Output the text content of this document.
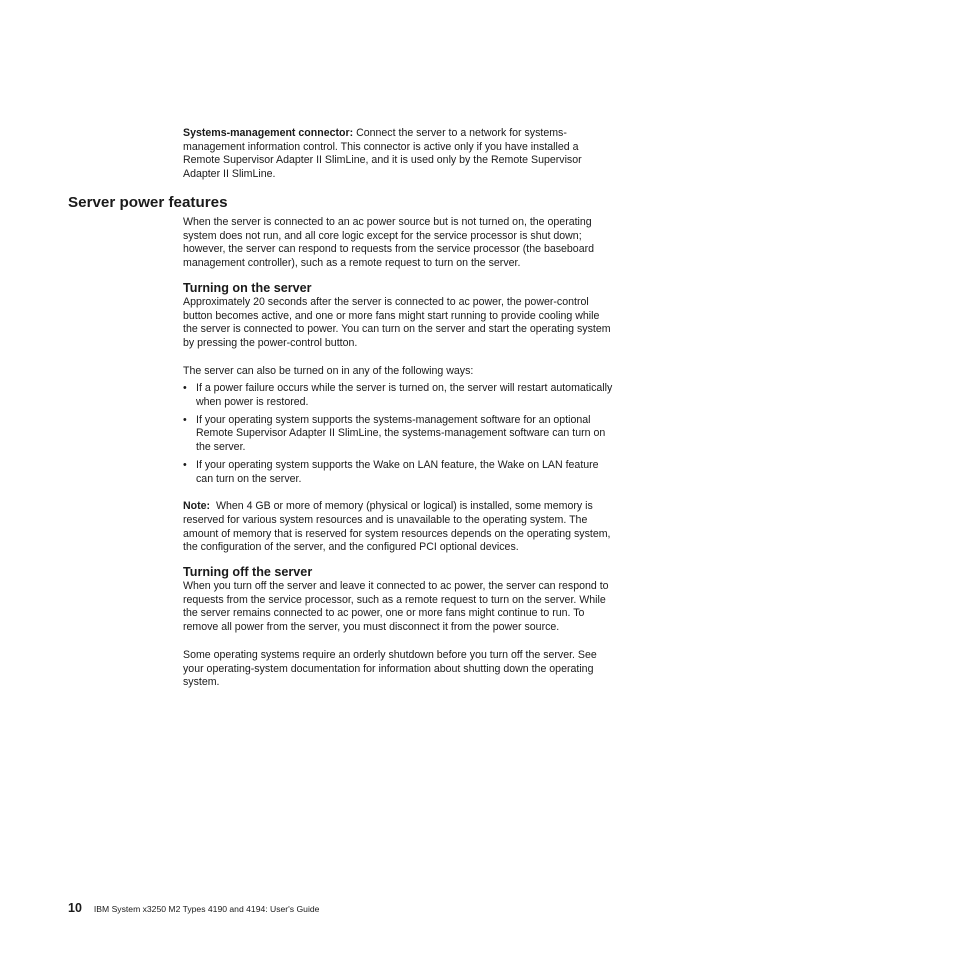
Systems-management connector: Connect the server to a network for systems-management information control. This connector is active only if you have installed a Remote Supervisor Adapter II SlimLine, and it is used only by the Remote Supervisor Adapter II SlimLine.

Server power features

When the server is connected to an ac power source but is not turned on, the operating system does not run, and all core logic except for the service processor is shut down; however, the server can respond to requests from the service processor (the baseboard management controller), such as a remote request to turn on the server.

Turning on the server

Approximately 20 seconds after the server is connected to ac power, the power-control button becomes active, and one or more fans might start running to provide cooling while the server is connected to power. You can turn on the server and start the operating system by pressing the power-control button.

The server can also be turned on in any of the following ways:

• If a power failure occurs while the server is turned on, the server will restart automatically when power is restored.
• If your operating system supports the systems-management software for an optional Remote Supervisor Adapter II SlimLine, the systems-management software can turn on the server.
• If your operating system supports the Wake on LAN feature, the Wake on LAN feature can turn on the server.

Note: When 4 GB or more of memory (physical or logical) is installed, some memory is reserved for various system resources and is unavailable to the operating system. The amount of memory that is reserved for system resources depends on the operating system, the configuration of the server, and the configured PCI optional devices.

Turning off the server

When you turn off the server and leave it connected to ac power, the server can respond to requests from the service processor, such as a remote request to turn on the server. While the server remains connected to ac power, one or more fans might continue to run. To remove all power from the server, you must disconnect it from the power source.

Some operating systems require an orderly shutdown before you turn off the server. See your operating-system documentation for information about shutting down the operating system.

10 IBM System x3250 M2 Types 4190 and 4194: User's Guide
